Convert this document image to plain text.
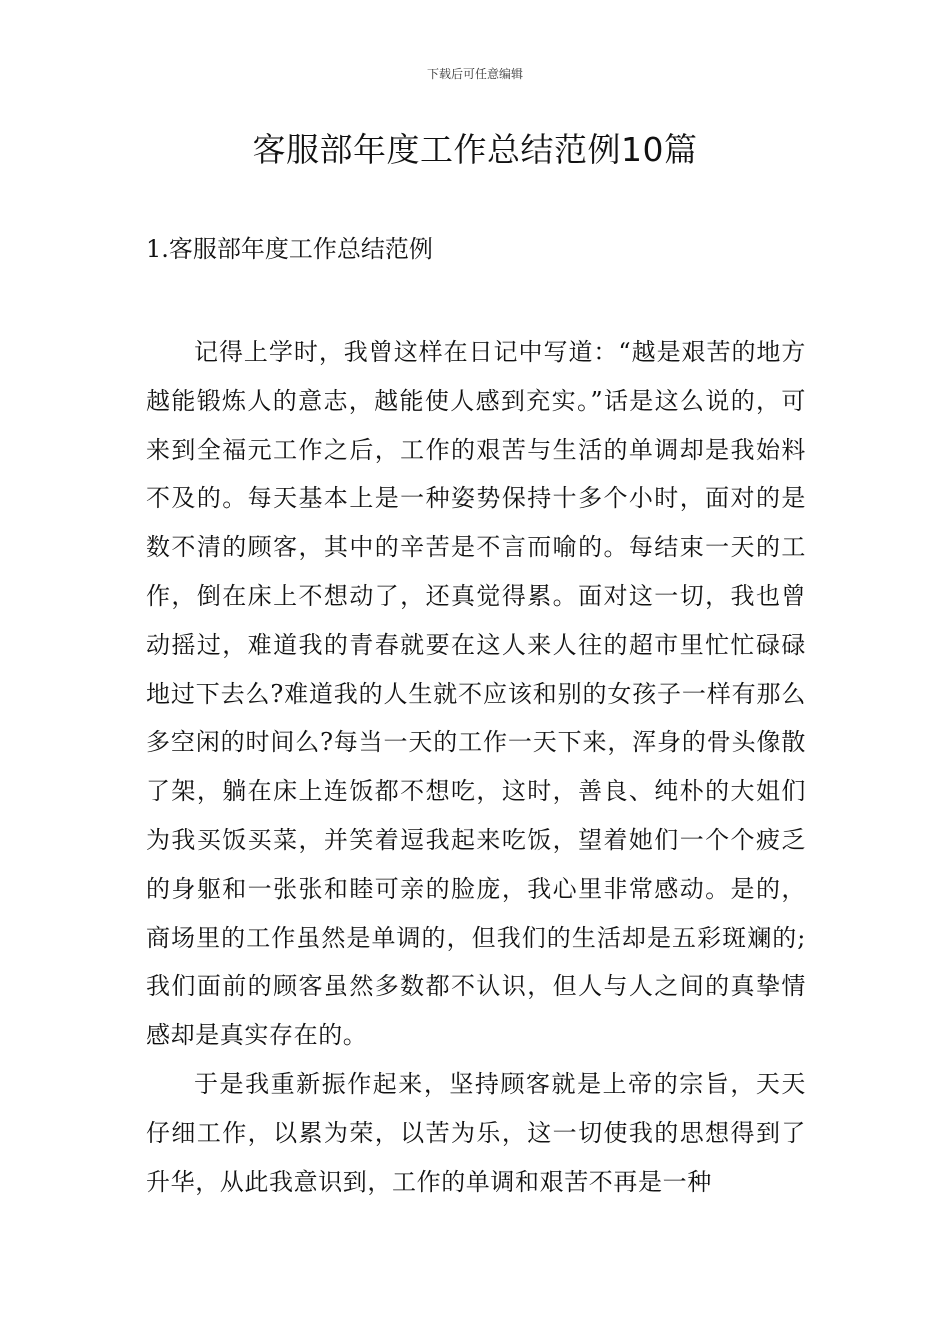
下载后可任意编辑
客服部年度工作总结范例10篇
1.客服部年度工作总结范例

记得上学时，我曾这样在日记中写道：“越是艰苦的地方越能锻炼人的意志，越能使人感到充实。”话是这么说的，可来到全福元工作之后，工作的艰苦与生活的单调却是我始料不及的。每天基本上是一种姿势保持十多个小时，面对的是数不清的顾客，其中的辛苦是不言而喻的。每结束一天的工作，倒在床上不想动了，还真觉得累。面对这一切，我也曾动摇过，难道我的青春就要在这人来人往的超市里忙忙碌碌地过下去么?难道我的人生就不应该和别的女孩子一样有那么多空闲的时间么?每当一天的工作一天下来，浑身的骨头像散了架，躺在床上连饭都不想吃，这时，善良、纯朴的大姐们为我买饭买菜，并笑着逗我起来吃饭，望着她们一个个疲乏的身躯和一张张和睦可亲的脸庞，我心里非常感动。是的，商场里的工作虽然是单调的，但我们的生活却是五彩斑斓的;我们面前的顾客虽然多数都不认识，但人与人之间的真挚情感却是真实存在的。

于是我重新振作起来，坚持顾客就是上帝的宗旨，天天仔细工作，以累为荣，以苦为乐，这一切使我的思想得到了升华，从此我意识到，工作的单调和艰苦不再是一种
